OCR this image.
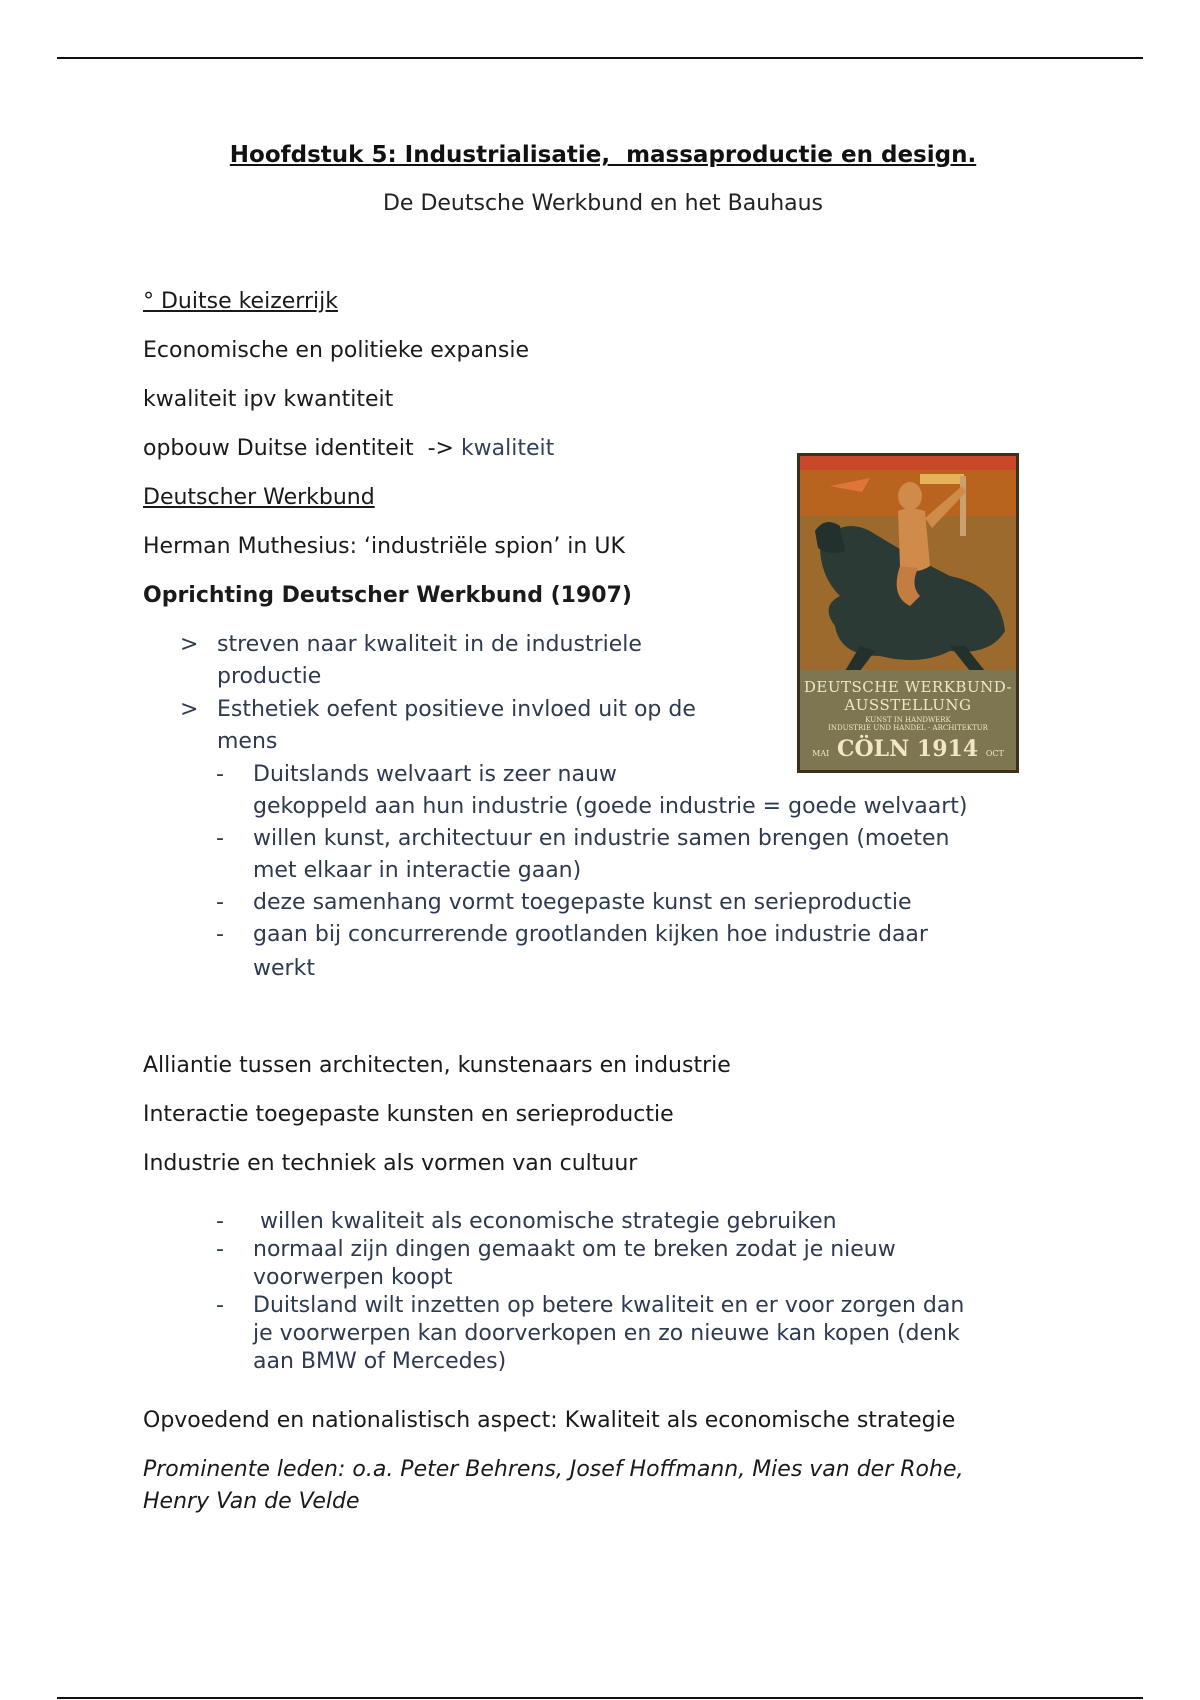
Hoofdstuk 5: Industrialisatie,  massaproductie en design.
De Deutsche Werkbund en het Bauhaus
° Duitse keizerrijk
Economische en politieke expansie
kwaliteit ipv kwantiteit
opbouw Duitse identiteit  -> kwaliteit
Deutscher Werkbund
Herman Muthesius: ‘industriële spion’ in UK
Oprichting Deutscher Werkbund (1907)
> streven naar kwaliteit in de industriele
productie
> Esthetiek oefent positieve invloed uit op de
mens
- Duitslands welvaart is zeer nauw
gekoppeld aan hun industrie (goede industrie = goede welvaart)
- willen kunst, architectuur en industrie samen brengen (moeten
met elkaar in interactie gaan)
- deze samenhang vormt toegepaste kunst en serieproductie
- gaan bij concurrerende grootlanden kijken hoe industrie daar
werkt
Alliantie tussen architecten, kunstenaars en industrie
Interactie toegepaste kunsten en serieproductie
Industrie en techniek als vormen van cultuur
- willen kwaliteit als economische strategie gebruiken
- normaal zijn dingen gemaakt om te breken zodat je nieuw
voorwerpen koopt
- Duitsland wilt inzetten op betere kwaliteit en er voor zorgen dan
je voorwerpen kan doorverkopen en zo nieuwe kan kopen (denk
aan BMW of Mercedes)
Opvoedend en nationalistisch aspect: Kwaliteit als economische strategie
Prominente leden: o.a. Peter Behrens, Josef Hoffmann, Mies van der Rohe,
Henry Van de Velde
DEUTSCHE WERKBUND-
AUSSTELLUNG
KUNST IN HANDWERK
INDUSTRIE UND HANDEL · ARCHITEKTUR
MAI CÖLN 1914 OCT
